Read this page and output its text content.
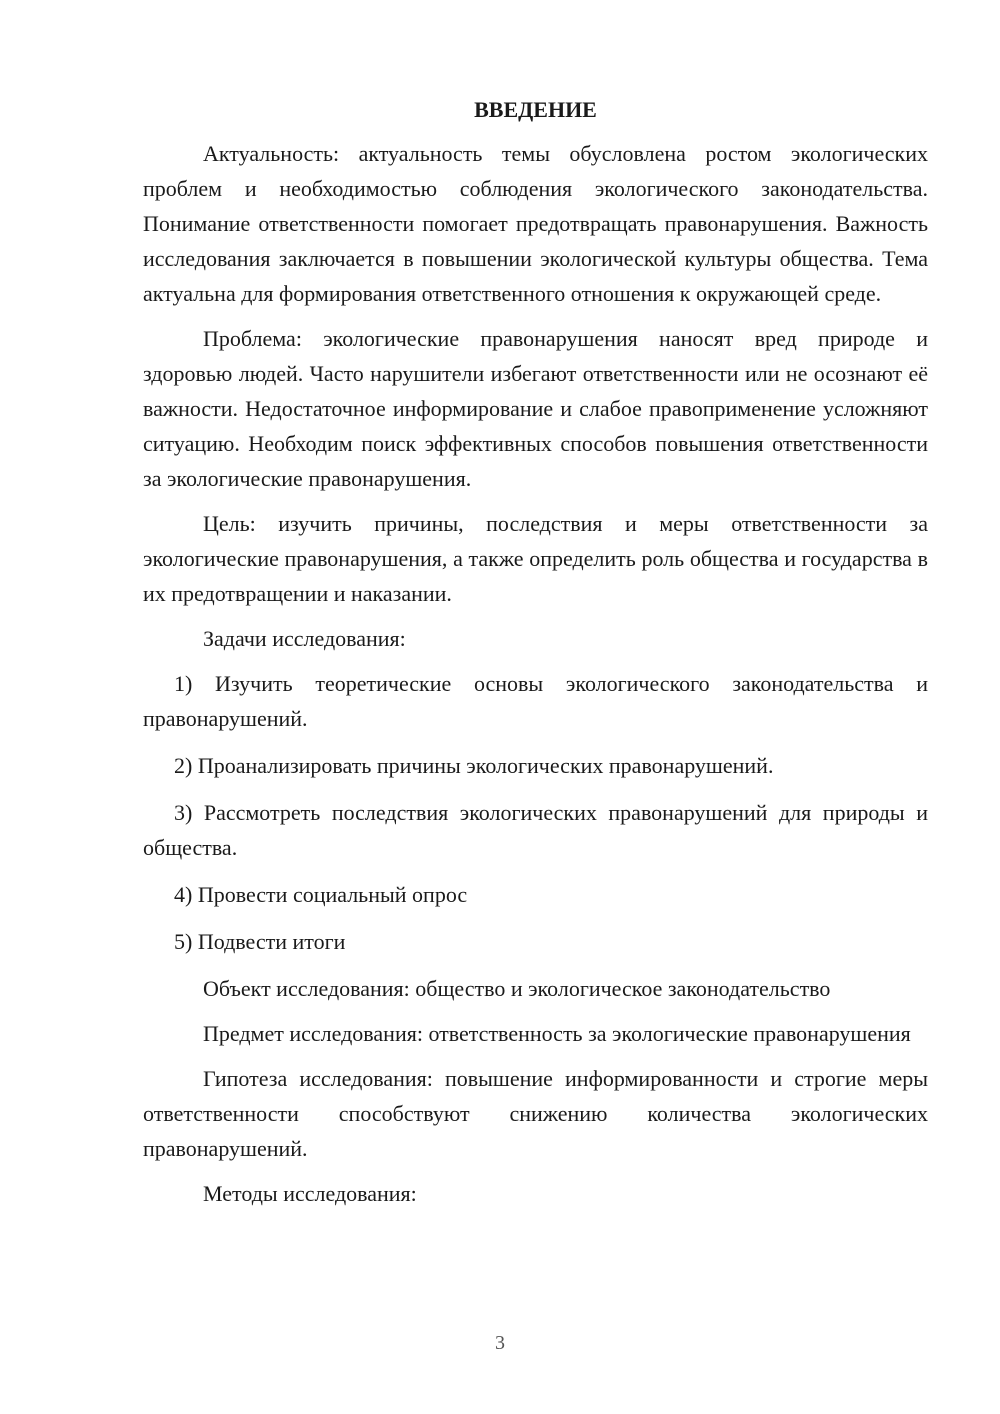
ВВЕДЕНИЕ

Актуальность: актуальность темы обусловлена ростом экологических проблем и необходимостью соблюдения экологического законодательства. Понимание ответственности помогает предотвращать правонарушения. Важность исследования заключается в повышении экологической культуры общества. Тема актуальна для формирования ответственного отношения к окружающей среде.

Проблема: экологические правонарушения наносят вред природе и здоровью людей. Часто нарушители избегают ответственности или не осознают её важности. Недостаточное информирование и слабое правоприменение усложняют ситуацию. Необходим поиск эффективных способов повышения ответственности за экологические правонарушения.

Цель: изучить причины, последствия и меры ответственности за экологические правонарушения, а также определить роль общества и государства в их предотвращении и наказании.

Задачи исследования:

1) Изучить теоретические основы экологического законодательства и правонарушений.

2) Проанализировать причины экологических правонарушений.

3) Рассмотреть последствия экологических правонарушений для природы и общества.

4) Провести социальный опрос

5) Подвести итоги

Объект исследования: общество и экологическое законодательство

Предмет исследования: ответственность за экологические правонарушения

Гипотеза исследования: повышение информированности и строгие меры ответственности способствуют снижению количества экологических правонарушений.

Методы исследования:

3
